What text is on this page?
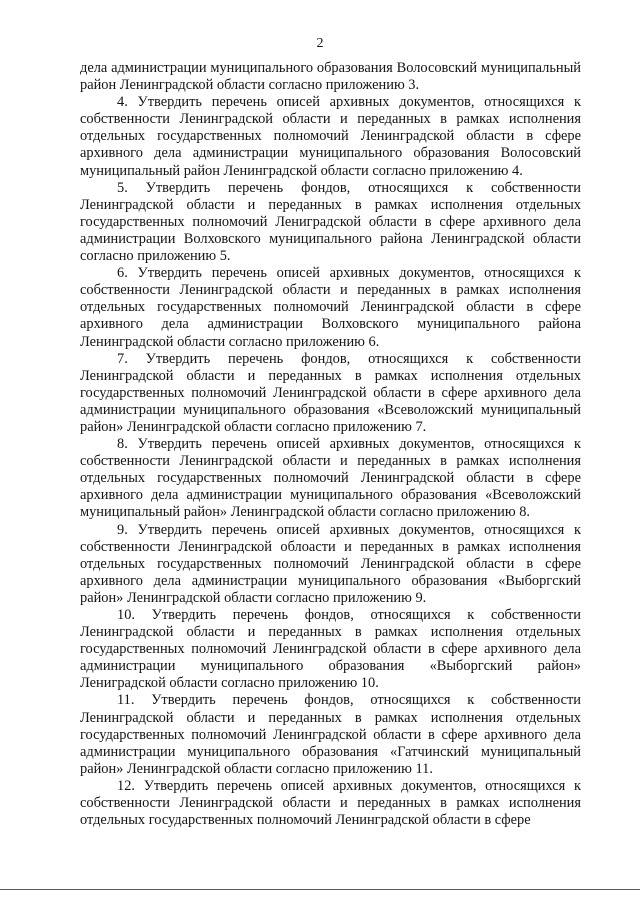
2

дела администрации муниципального образования Волосовский муниципальный район Ленинградской области согласно приложению 3.

4. Утвердить перечень описей архивных документов, относящихся к собственности Ленинградской области и переданных в рамках исполнения отдельных государственных полномочий Ленинградской области в сфере архивного дела администрации муниципального образования Волосовский муниципальный район Ленинградской области согласно приложению 4.

5. Утвердить перечень фондов, относящихся к собственности Ленинградской области и переданных в рамках исполнения отдельных государственных полномочий Лениградской области в сфере архивного дела администрации Волховского муниципального района Ленинградской области согласно приложению 5.

6. Утвердить перечень описей архивных документов, относящихся к собственности Ленинградской области и переданных в рамках исполнения отдельных государственных полномочий Ленинградской области в сфере архивного дела администрации Волховского муниципального района Ленинградской области согласно приложению 6.

7. Утвердить перечень фондов, относящихся к собственности Ленинградской области и переданных в рамках исполнения отдельных государственных полномочий Ленинградской области в сфере архивного дела администрации муниципального образования «Всеволожский муниципальный район» Ленинградской области согласно приложению 7.

8. Утвердить перечень описей архивных документов, относящихся к собственности Ленинградской области и переданных в рамках исполнения отдельных государственных полномочий Ленинградской области в сфере архивного дела администрации муниципального образования «Всеволожский муниципальный район» Ленинградской области согласно приложению 8.

9. Утвердить перечень описей архивных документов, относящихся к собственности Ленинградской облоасти и переданных в рамках исполнения отдельных государственных полномочий Ленинградской области в сфере архивного дела администрации муниципального образования «Выборгский район» Ленинградской области согласно приложению 9.

10. Утвердить перечень фондов, относящихся к собственности Ленинградской области и переданных в рамках исполнения отдельных государственных полномочий Ленинградской области в сфере архивного дела администрации муниципального образования «Выборгский район» Лениградской области согласно приложению 10.

11. Утвердить перечень фондов, относящихся к собственности Ленинградской области и переданных в рамках исполнения отдельных государственных полномочий Ленинградской области в сфере архивного дела администрации муниципального образования «Гатчинский муниципальный район» Ленинградской области согласно приложению 11.

12. Утвердить перечень описей архивных документов, относящихся к собственности Ленинградской области и переданных в рамках исполнения отдельных государственных полномочий Ленинградской области в сфере
